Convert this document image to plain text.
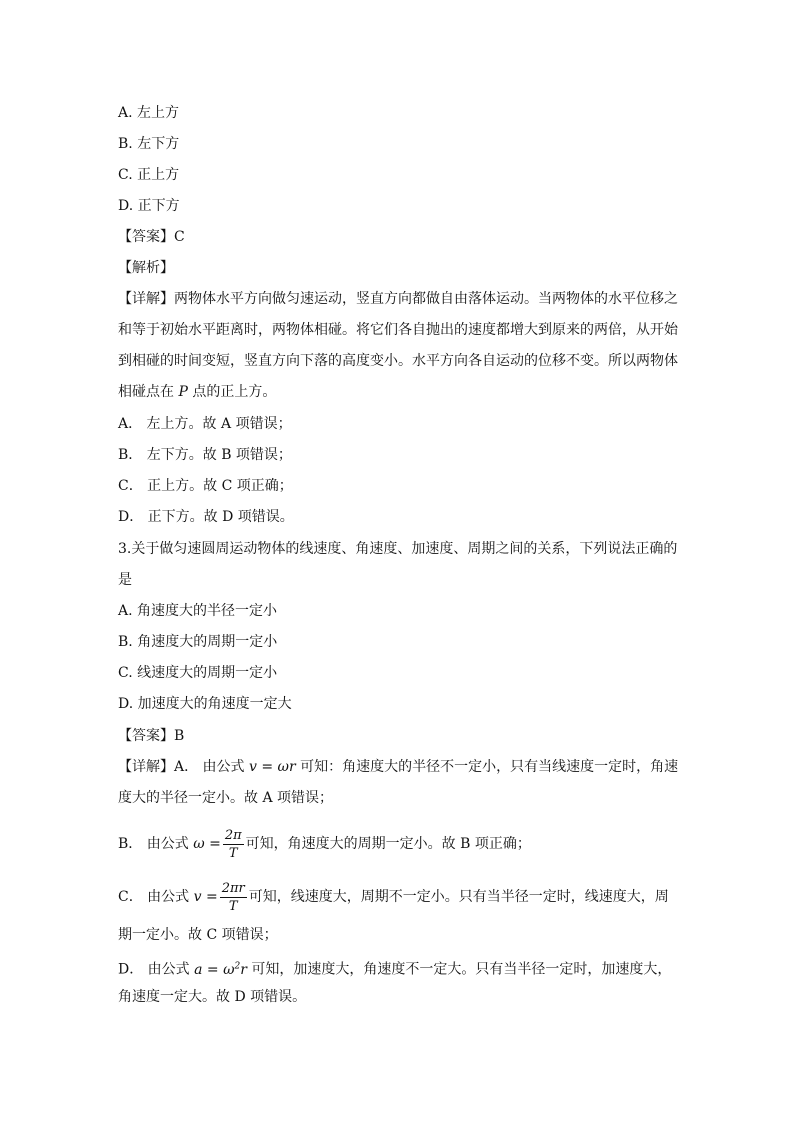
A. 左上方
B. 左下方
C. 正上方
D. 正下方
【答案】C
【解析】
【详解】两物体水平方向做匀速运动，竖直方向都做自由落体运动。当两物体的水平位移之
和等于初始水平距离时，两物体相碰。将它们各自抛出的速度都增大到原来的两倍，从开始
到相碰的时间变短，竖直方向下落的高度变小。水平方向各自运动的位移不变。所以两物体
相碰点在 P 点的正上方。
A． 左上方。故 A 项错误；
B． 左下方。故 B 项错误；
C． 正上方。故 C 项正确；
D． 正下方。故 D 项错误。
3.关于做匀速圆周运动物体的线速度、角速度、加速度、周期之间的关系，下列说法正确的
是
A. 角速度大的半径一定小
B. 角速度大的周期一定小
C. 线速度大的周期一定小
D. 加速度大的角速度一定大
【答案】B
【详解】A． 由公式 v = ωr 可知：角速度大的半径不一定小，只有当线速度一定时，角速
度大的半径一定小。故 A 项错误；
B． 由公式 $\omega = \frac{2\pi}{T}$ 可知，角速度大的周期一定小。故 B 项正确；
C． 由公式 $v = \frac{2\pi r}{T}$ 可知，线速度大，周期不一定小。只有当半径一定时，线速度大，周
期一定小。故 C 项错误；
D． 由公式 $a = \omega^2r$ 可知，加速度大，角速度不一定大。只有当半径一定时，加速度大，
角速度一定大。故 D 项错误。
